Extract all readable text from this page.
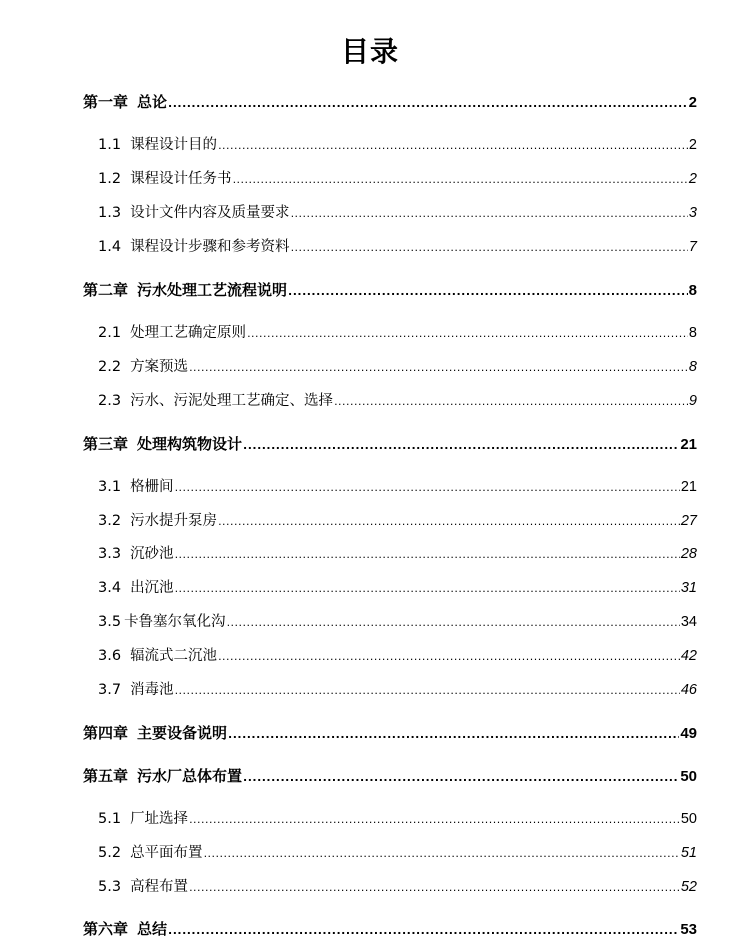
目录
第一章 总论 .....	2
1.1 课程设计目的 .....	2
1.2 课程设计任务书 .....	2
1.3 设计文件内容及质量要求 .....	3
1.4 课程设计步骤和参考资料 .....	7
第二章 污水处理工艺流程说明 .....	8
2.1 处理工艺确定原则 .....	8
2.2 方案预选 .....	8
2.3 污水、污泥处理工艺确定、选择 .....	9
第三章 处理构筑物设计 .....	21
3.1 格栅间 .....	21
3.2 污水提升泵房 .....	27
3.3 沉砂池 .....	28
3.4 出沉池 .....	31
3.5 卡鲁塞尔氧化沟 .....	34
3.6 辐流式二沉池 .....	42
3.7 消毒池 .....	46
第四章 主要设备说明 .....	49
第五章 污水厂总体布置 .....	50
5.1 厂址选择 .....	50
5.2 总平面布置 .....	51
5.3 高程布置 .....	52
第六章 总结 .....	53
